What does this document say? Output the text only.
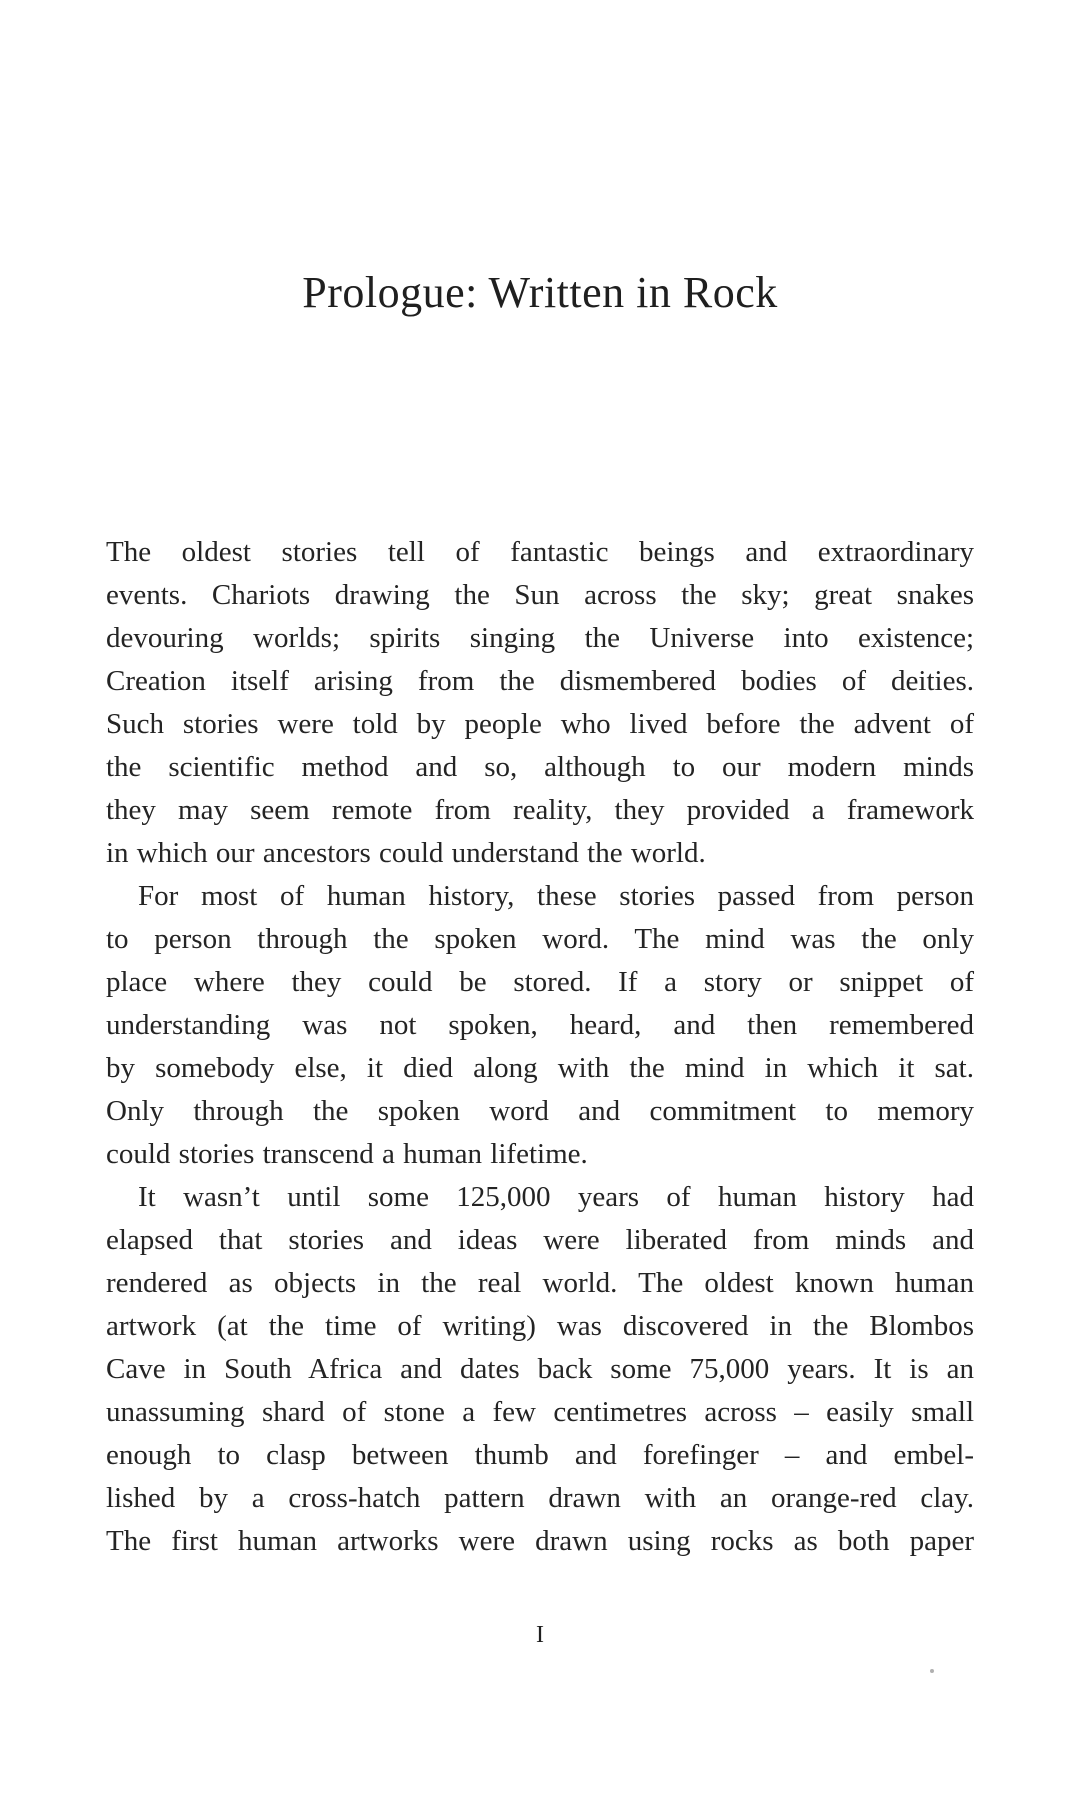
Prologue: Written in Rock
The oldest stories tell of fantastic beings and extraordinary
events. Chariots drawing the Sun across the sky; great snakes
devouring worlds; spirits singing the Universe into existence;
Creation itself arising from the dismembered bodies of deities.
Such stories were told by people who lived before the advent of
the scientific method and so, although to our modern minds
they may seem remote from reality, they provided a framework
in which our ancestors could understand the world.
For most of human history, these stories passed from person
to person through the spoken word. The mind was the only
place where they could be stored. If a story or snippet of
understanding was not spoken, heard, and then remembered
by somebody else, it died along with the mind in which it sat.
Only through the spoken word and commitment to memory
could stories transcend a human lifetime.
It wasn’t until some 125,000 years of human history had
elapsed that stories and ideas were liberated from minds and
rendered as objects in the real world. The oldest known human
artwork (at the time of writing) was discovered in the Blombos
Cave in South Africa and dates back some 75,000 years. It is an
unassuming shard of stone a few centimetres across – easily small
enough to clasp between thumb and forefinger – and embel-
lished by a cross-hatch pattern drawn with an orange-red clay.
The first human artworks were drawn using rocks as both paper
I
